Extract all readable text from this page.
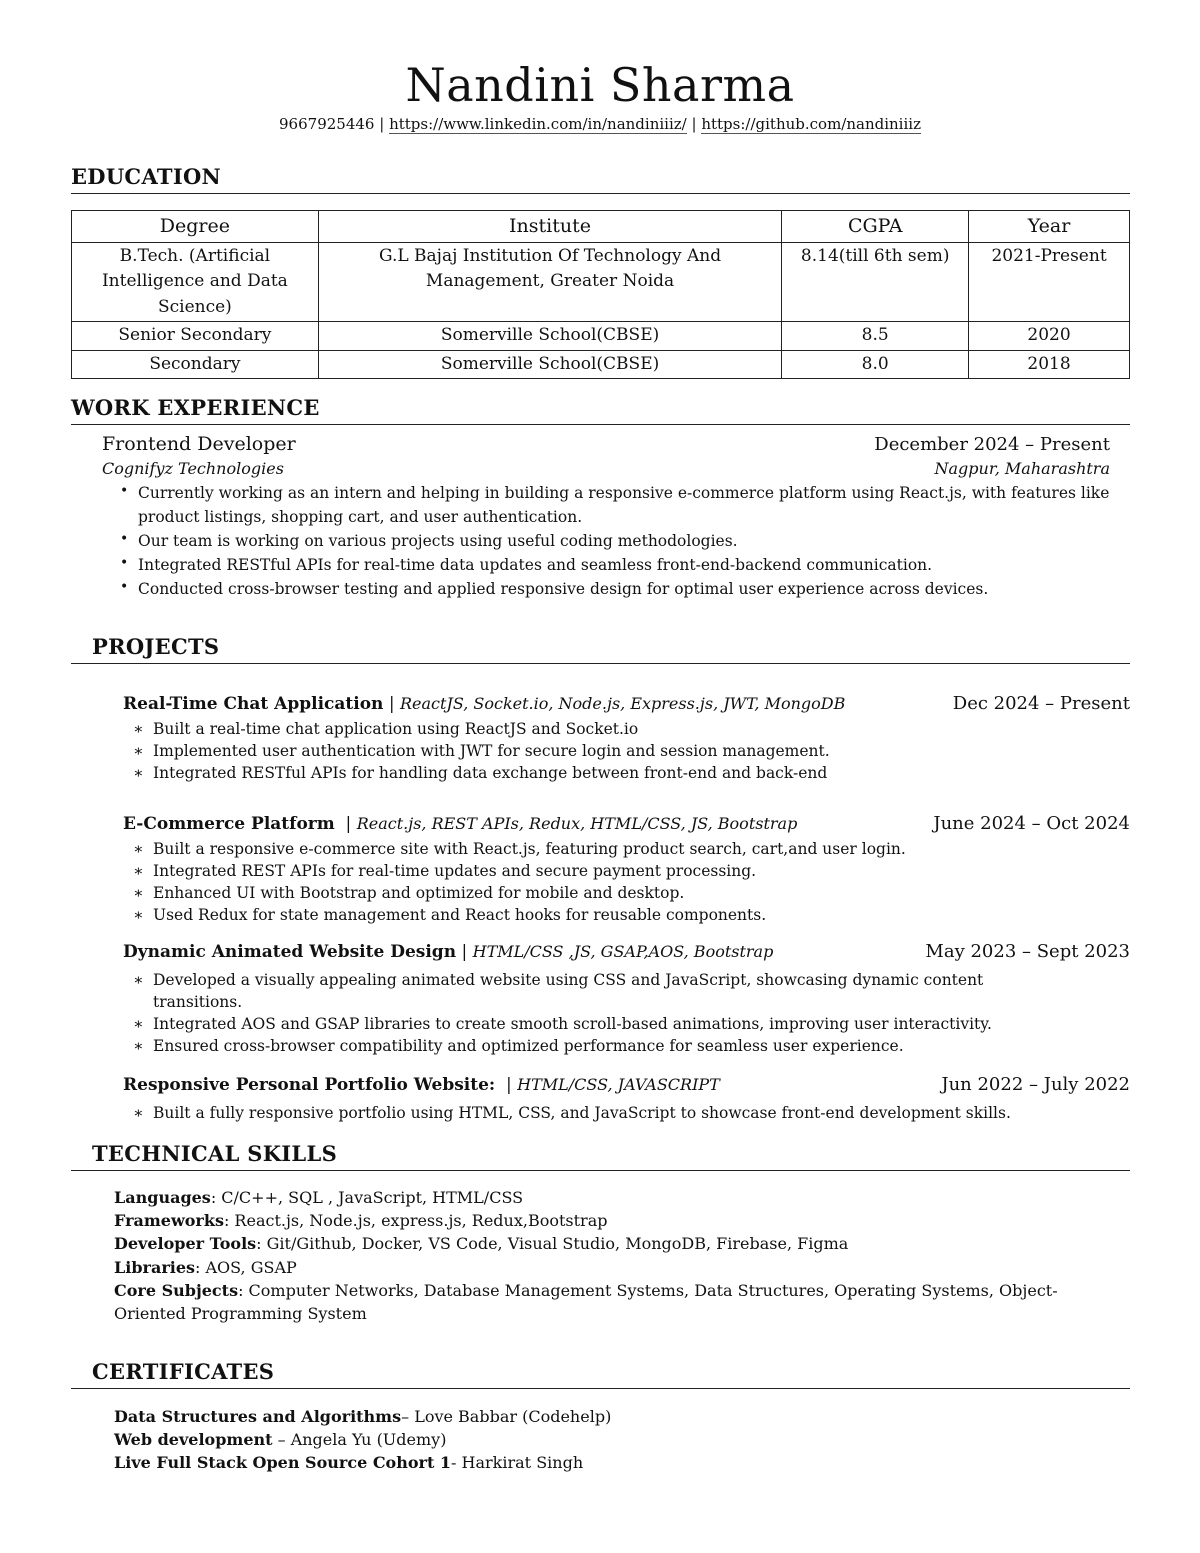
Nandini Sharma
9667925446 | https://www.linkedin.com/in/nandiniiiz/ | https://github.com/nandiniiiz
EDUCATION
Degree	Institute	CGPA	Year
B.Tech. (Artificial Intelligence and Data Science)	G.L Bajaj Institution Of Technology And Management, Greater Noida	8.14(till 6th sem)	2021-Present
Senior Secondary	Somerville School(CBSE)	8.5	2020
Secondary	Somerville School(CBSE)	8.0	2018
WORK EXPERIENCE
Frontend Developer	December 2024 – Present
Cognifyz Technologies	Nagpur, Maharashtra
• Currently working as an intern and helping in building a responsive e-commerce platform using React.js, with features like product listings, shopping cart, and user authentication.
• Our team is working on various projects using useful coding methodologies.
• Integrated RESTful APIs for real-time data updates and seamless front-end-backend communication.
• Conducted cross-browser testing and applied responsive design for optimal user experience across devices.
PROJECTS
Real-Time Chat Application | ReactJS, Socket.io, Node.js, Express.js, JWT, MongoDB	Dec 2024 – Present
∗ Built a real-time chat application using ReactJS and Socket.io
∗ Implemented user authentication with JWT for secure login and session management.
∗ Integrated RESTful APIs for handling data exchange between front-end and back-end
E-Commerce Platform  | React.js, REST APIs, Redux, HTML/CSS, JS, Bootstrap	June 2024 – Oct 2024
∗ Built a responsive e-commerce site with React.js, featuring product search, cart,and user login.
∗ Integrated REST APIs for real-time updates and secure payment processing.
∗ Enhanced UI with Bootstrap and optimized for mobile and desktop.
∗ Used Redux for state management and React hooks for reusable components.
Dynamic Animated Website Design | HTML/CSS ,JS, GSAP,AOS, Bootstrap	May 2023 – Sept 2023
∗ Developed a visually appealing animated website using CSS and JavaScript, showcasing dynamic content transitions.
∗ Integrated AOS and GSAP libraries to create smooth scroll-based animations, improving user interactivity.
∗ Ensured cross-browser compatibility and optimized performance for seamless user experience.
Responsive Personal Portfolio Website:  | HTML/CSS, JAVASCRIPT	Jun 2022 – July 2022
∗ Built a fully responsive portfolio using HTML, CSS, and JavaScript to showcase front-end development skills.
TECHNICAL SKILLS
Languages: C/C++, SQL , JavaScript, HTML/CSS
Frameworks: React.js, Node.js, express.js, Redux,Bootstrap
Developer Tools: Git/Github, Docker, VS Code, Visual Studio, MongoDB, Firebase, Figma
Libraries: AOS, GSAP
Core Subjects: Computer Networks, Database Management Systems, Data Structures, Operating Systems, Object-Oriented Programming System
CERTIFICATES
Data Structures and Algorithms– Love Babbar (Codehelp)
Web development – Angela Yu (Udemy)
Live Full Stack Open Source Cohort 1- Harkirat Singh
